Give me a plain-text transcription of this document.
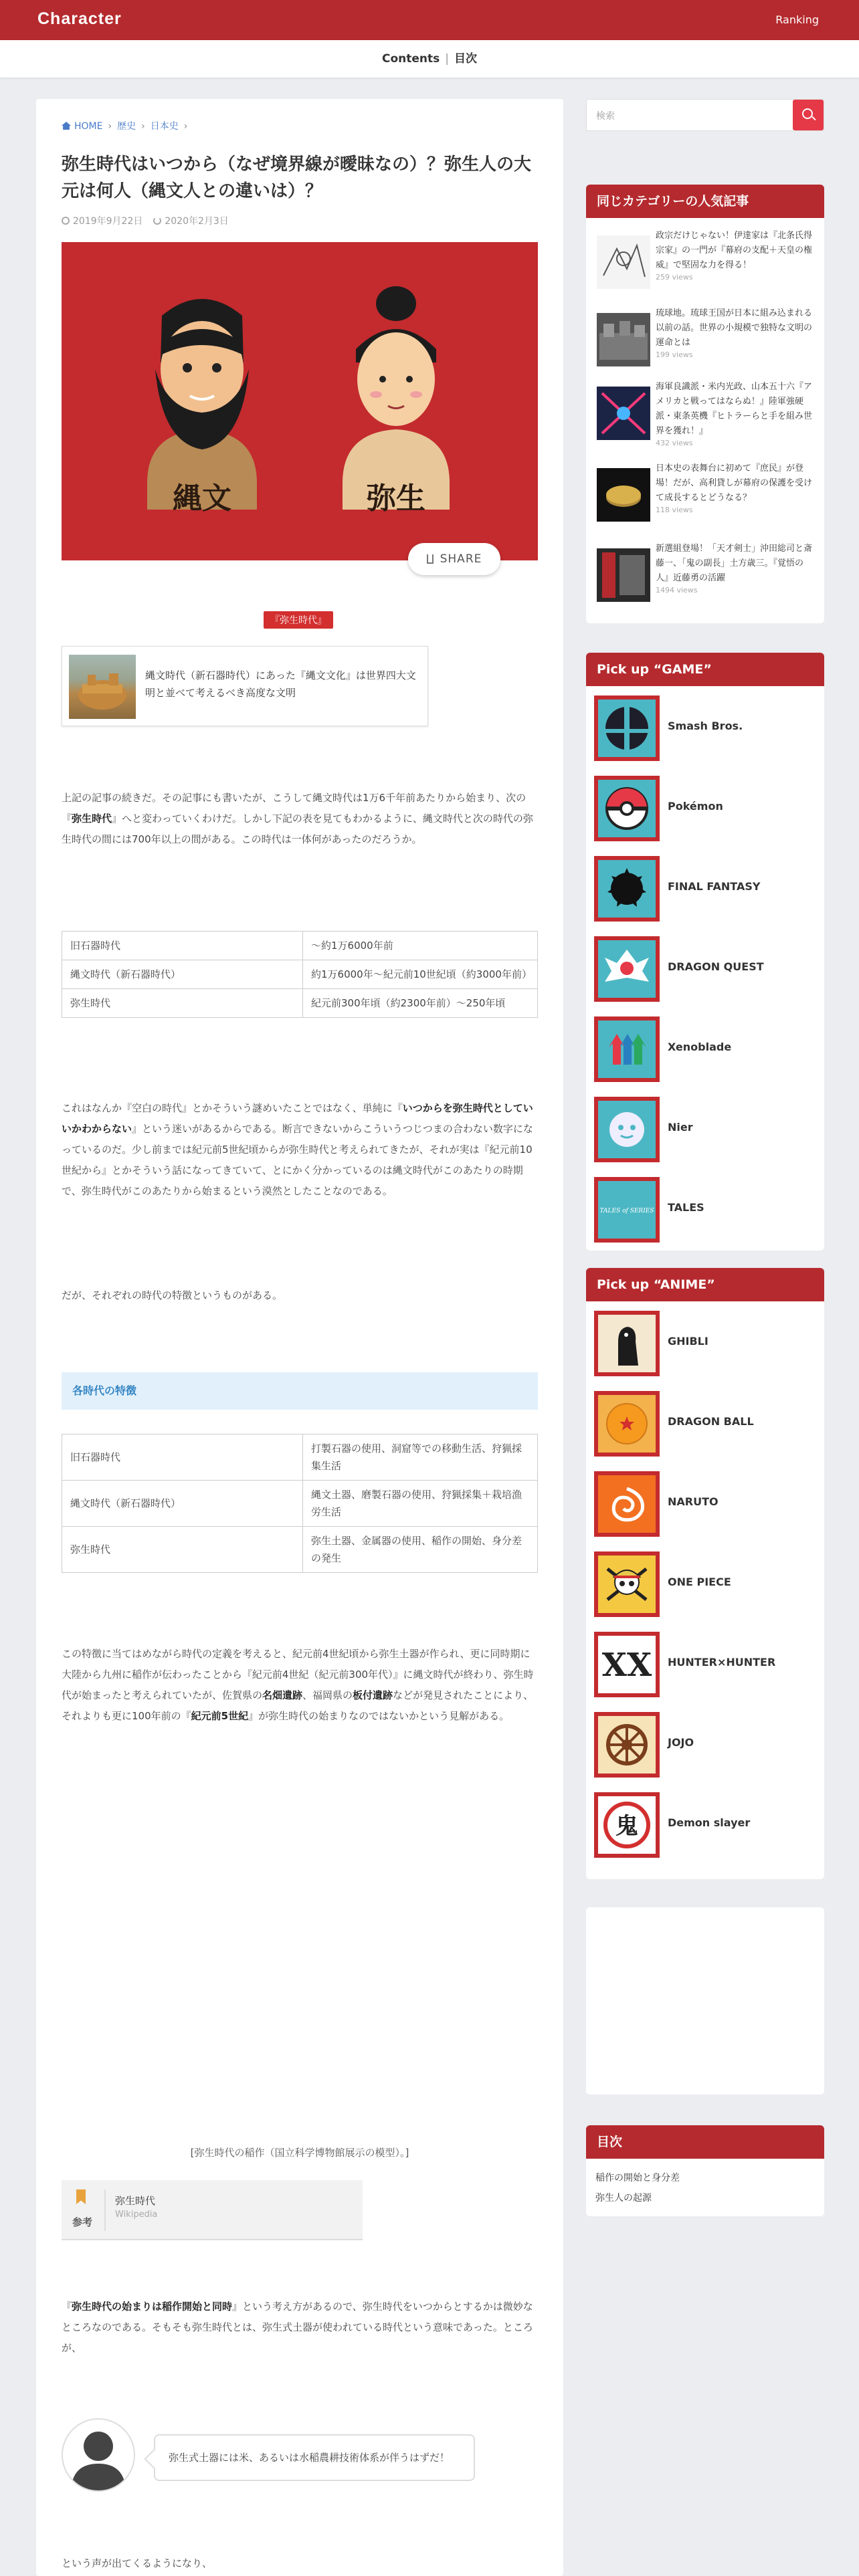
Character	Ranking
Contents | 目次
HOME › 歴史 › 日本史 ›
弥生時代はいつから（なぜ境界線が曖昧なの）？弥生人の大元は何人（縄文人との違いは）？
2019年9月22日 2020年2月3日
縄文	弥生
SHARE
『弥生時代』
縄文時代（新石器時代）にあった『縄文文化』は世界四大文明と並べて考えるべき高度な文明

上記の記事の続きだ。その記事にも書いたが、こうして縄文時代は1万6千年前あたりから始まり、次の『弥生時代』へと変わっていくわけだ。しかし下記の表を見てもわかるように、縄文時代と次の時代の弥生時代の間には700年以上の間がある。この時代は一体何があったのだろうか。

旧石器時代	〜約1万6000年前
縄文時代（新石器時代）	約1万6000年〜紀元前10世紀頃（約3000年前）
弥生時代	紀元前300年頃（約2300年前）〜250年頃

これはなんか『空白の時代』とかそういう謎めいたことではなく、単純に『いつからを弥生時代としていいかわからない』という迷いがあるからである。断言できないからこういうつじつまの合わない数字になっているのだ。少し前までは紀元前5世紀頃からが弥生時代と考えられてきたが、それが実は『紀元前10世紀から』とかそういう話になってきていて、とにかく分かっているのは縄文時代がこのあたりの時期で、弥生時代がこのあたりから始まるという漠然としたことなのである。

だが、それぞれの時代の特徴というものがある。

各時代の特徴
旧石器時代	打製石器の使用、洞窟等での移動生活、狩猟採集生活
縄文時代（新石器時代）	縄文土器、磨製石器の使用、狩猟採集＋栽培漁労生活
弥生時代	弥生土器、金属器の使用、稲作の開始、身分差の発生

この特徴に当てはめながら時代の定義を考えると、紀元前4世紀頃から弥生土器が作られ、更に同時期に大陸から九州に稲作が伝わったことから『紀元前4世紀（紀元前300年代）』に縄文時代が終わり、弥生時代が始まったと考えられていたが、佐賀県の名畑遺跡、福岡県の板付遺跡などが発見されたことにより、それよりも更に100年前の『紀元前5世紀』が弥生時代の始まりなのではないかという見解がある。

[弥生時代の稲作（国立科学博物館展示の模型）。]
参考
弥生時代
Wikipedia

『弥生時代の始まりは稲作開始と同時』という考え方があるので、弥生時代をいつからとするかは微妙なところなのである。そもそも弥生時代とは、弥生式土器が使われている時代という意味であった。ところが、

弥生式土器には米、あるいは水稲農耕技術体系が伴うはずだ！

という声が出てくるようになり、

検索
同じカテゴリーの人気記事
政宗だけじゃない！伊達家は『北条氏得宗家』の一門が『幕府の支配＋天皇の権威』で堅固な力を得る！
259 views
琉球地。琉球王国が日本に組み込まれる以前の話。世界の小規模で独特な文明の運命とは
199 views
海軍良識派・米内光政、山本五十六『アメリカと戦ってはならぬ！』陸軍強硬派・東条英機『ヒトラーらと手を組み世界を獲れ！』
432 views
日本史の表舞台に初めて『庶民』が登場！だが、高利貸しが幕府の保護を受けて成長するとどうなる？
118 views
新選組登場！「天才剣士」沖田総司と斎藤一、「鬼の副長」土方歳三。『覚悟の人』近藤勇の活躍
1494 views
Pick up “GAME”
Smash Bros.
Pokémon
FINAL FANTASY
DRAGON QUEST
Xenoblade
Nier
TALES of SERIES TALES
Pick up “ANIME”
GHIBLI
DRAGON BALL
NARUTO
ONE PIECE
XX HUNTER×HUNTER
JOJO
鬼	Demon slayer
目次
稲作の開始と身分差
弥生人の起源
